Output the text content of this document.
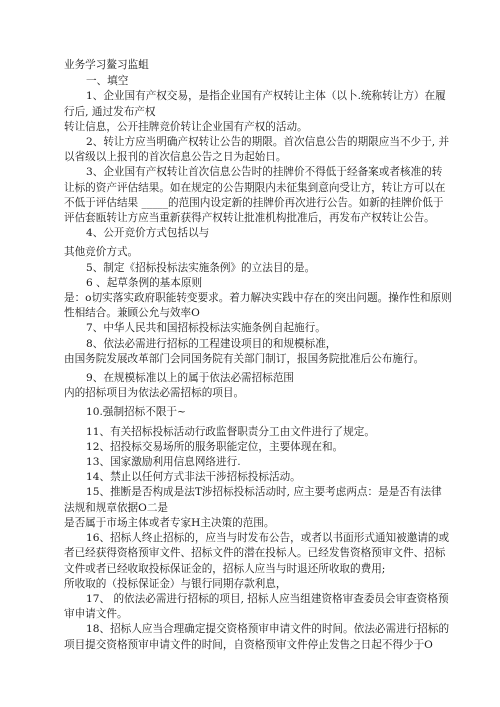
业务学习鳌习监蛆

一、填空

1、企业国有产权交易，是指企业国有产权转让主体（以卜.统称转让方）在履行后, 通过发布产权

转让信息，公开挂牌竞价转让企业国有产权的活动。

2、转让方应当明确产权转让公告的期限。首次信息公告的期限应当不少于, 并以省级以上报刊的首次信息公告之日为起始日。

3、企业国有产权转让首次信息公告时的挂牌价不得低于经备案或者核准的转让标的资产评估结果。如在规定的公告期限内未征集到意向受让方，转让方可以在不低于评估结果 _____的范围内设定新的挂牌价再次进行公告。如新的挂牌价低于评估套瓯转让方应当重新获得产权转让批准机构批准后，再发布产权转让公告。

4、公开竞价方式包括以与

其他竞价方式。

5、制定《招标投标法实施条例》的立法目的是。

6 、起草条例的基本原则

是：o切实落实政府职能转变要求。着力解决实践中存在的突出问题。操作性和原则性相结合。兼顾公允与效率O

7、中华人民共和国招标投标法实施条例自起施行。

8、依法必需进行招标的工程建设项目的和规模标准，

由国务院发展改革部门会同国务院有关部门制订，报国务院批准后公布施行。

9、在规模标准以上的属于依法必需招标范围

内的招标项目为依法必需招标的项目。

10.强制招标不限于~

11、有关招标投标活动行政监督职责分工由文件进行了规定。

12、招投标交易场所的服务职能定位，主要体现在和。

13、国家激励利用信息网络进行.

14、禁止以任何方式非法干涉招标投标活动。

15、推断是否构成是法T涉招标投标活动时, 应主要考虑两点：是是否有法律法规和规章依据O二是

是否属于市场主体或者专家H主决策的范围。

16、招标人终止招标的，应当与时发布公告，或者以书面形式通知被邀请的或者已经获得资格预审文件、招标文件的潜在投标人。已经发售资格预审文件、招标文件或者已经收取投标保证金的，招标人应当与时退还所收取的费用;

所收取的（投标保证金）与银行同期存款利息，

17、 的依法必需进行招标的项目, 招标人应当组建资格审查委员会审查资格预审申请文件。

18、招标人应当合理确定提交资格预审申请文件的时间。依法必需进行招标的项目提交资格预审申请文件的时间，自资格预审文件停止发售之日起不得少于O
